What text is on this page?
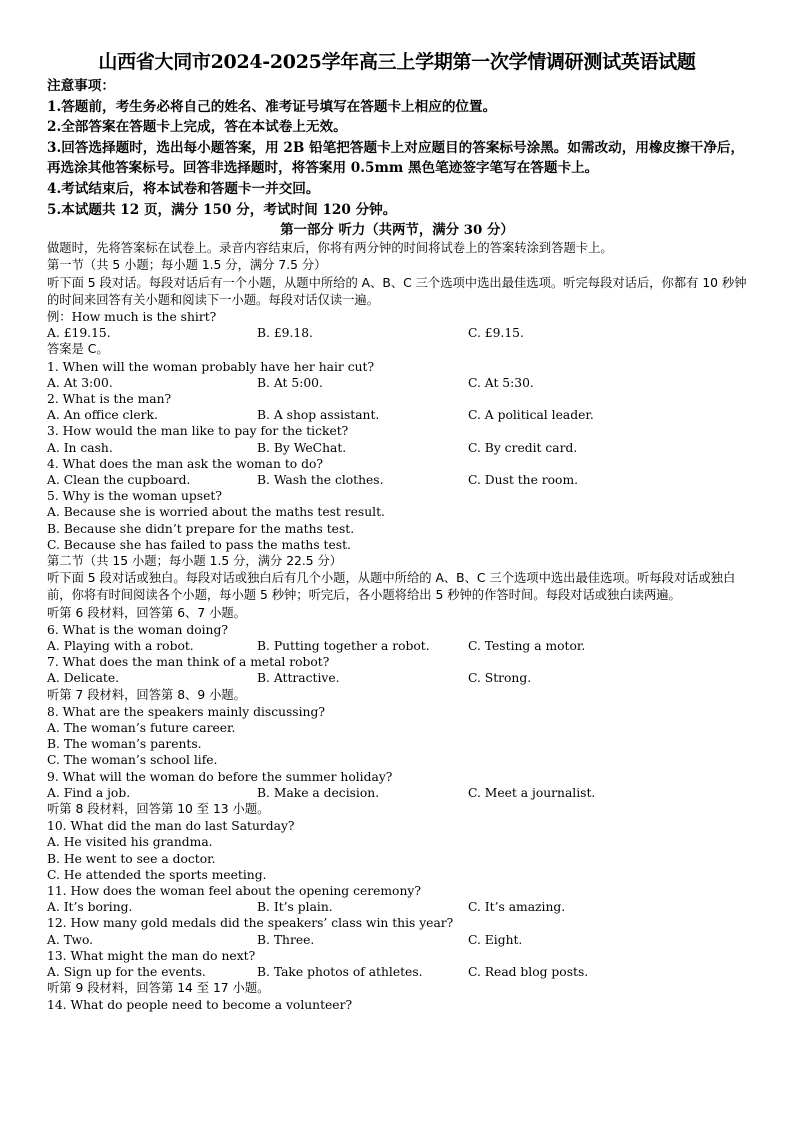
山西省大同市2024-2025学年高三上学期第一次学情调研测试英语试题

注意事项：

1.答题前，考生务必将自己的姓名、准考证号填写在答题卡上相应的位置。

2.全部答案在答题卡上完成，答在本试卷上无效。

3.回答选择题时，选出每小题答案，用 2B 铅笔把答题卡上对应题目的答案标号涂黑。如需改动，用橡皮擦干净后，再选涂其他答案标号。回答非选择题时，将答案用 0.5mm 黑色笔迹签字笔写在答题卡上。

4.考试结束后，将本试卷和答题卡一并交回。

5.本试题共 12 页，满分 150 分，考试时间 120 分钟。

第一部分 听力（共两节，满分 30 分）

做题时，先将答案标在试卷上。录音内容结束后，你将有两分钟的时间将试卷上的答案转涂到答题卡上。

第一节（共 5 小题；每小题 1.5 分，满分 7.5 分）

听下面 5 段对话。每段对话后有一个小题，从题中所给的 A、B、C 三个选项中选出最佳选项。听完每段对话后，你都有 10 秒钟的时间来回答有关小题和阅读下一小题。每段对话仅读一遍。

例：How much is the shirt?

A. £19.15.	B. £9.18.	C. £9.15.

答案是 C。

1. When will the woman probably have her hair cut?

A. At 3:00.	B. At 5:00.	C. At 5:30.

2. What is the man?

A. An office clerk.	B. A shop assistant.	C. A political leader.

3. How would the man like to pay for the ticket?

A. In cash.	B. By WeChat.	C. By credit card.

4. What does the man ask the woman to do?

A. Clean the cupboard.	B. Wash the clothes.	C. Dust the room.

5. Why is the woman upset?

A. Because she is worried about the maths test result.

B. Because she didn’t prepare for the maths test.

C. Because she has failed to pass the maths test.

第二节（共 15 小题；每小题 1.5 分，满分 22.5 分）

听下面 5 段对话或独白。每段对话或独白后有几个小题，从题中所给的 A、B、C 三个选项中选出最佳选项。听每段对话或独白前，你将有时间阅读各个小题，每小题 5 秒钟；听完后，各小题将给出 5 秒钟的作答时间。每段对话或独白读两遍。

听第 6 段材料，回答第 6、7 小题。

6. What is the woman doing?

A. Playing with a robot.	B. Putting together a robot.	C. Testing a motor.

7. What does the man think of a metal robot?

A. Delicate.	B. Attractive.	C. Strong.

听第 7 段材料，回答第 8、9 小题。

8. What are the speakers mainly discussing?

A. The woman’s future career.

B. The woman’s parents.

C. The woman’s school life.

9. What will the woman do before the summer holiday?

A. Find a job.	B. Make a decision.	C. Meet a journalist.

听第 8 段材料，回答第 10 至 13 小题。

10. What did the man do last Saturday?

A. He visited his grandma.

B. He went to see a doctor.

C. He attended the sports meeting.

11. How does the woman feel about the opening ceremony?

A. It’s boring.	B. It’s plain.	C. It’s amazing.

12. How many gold medals did the speakers’ class win this year?

A. Two.	B. Three.	C. Eight.

13. What might the man do next?

A. Sign up for the events.	B. Take photos of athletes.	C. Read blog posts.

听第 9 段材料，回答第 14 至 17 小题。

14. What do people need to become a volunteer?
